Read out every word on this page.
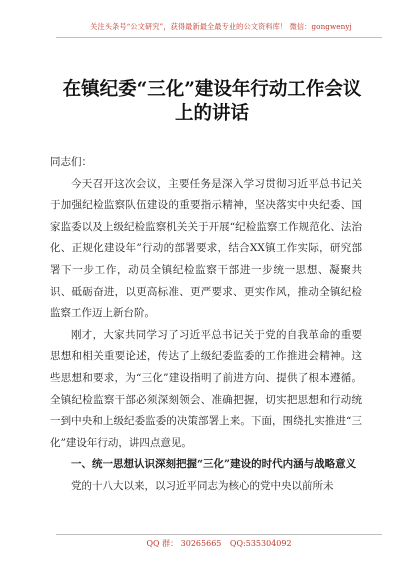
关注头条号“公文研究”，获得最新最全最专业的公文资料库！ 微信：gongwenyj
在镇纪委“三化”建设年行动工作会议上的讲话

同志们：

今天召开这次会议，主要任务是深入学习贯彻习近平总书记关于加强纪检监察队伍建设的重要指示精神，坚决落实中央纪委、国家监委以及上级纪检监察机关关于开展“纪检监察工作规范化、法治化、正规化建设年”行动的部署要求，结合XX镇工作实际，研究部署下一步工作，动员全镇纪检监察干部进一步统一思想、凝聚共识、砥砺奋进，以更高标准、更严要求、更实作风，推动全镇纪检监察工作迈上新台阶。

刚才，大家共同学习了习近平总书记关于党的自我革命的重要思想和相关重要论述，传达了上级纪委监委的工作推进会精神。这些思想和要求，为“三化”建设指明了前进方向、提供了根本遵循。全镇纪检监察干部必须深刻领会、准确把握，切实把思想和行动统一到中央和上级纪委监委的决策部署上来。下面，围绕扎实推进“三化”建设年行动，讲四点意见。

一、统一思想认识深刻把握“三化”建设的时代内涵与战略意义

党的十八大以来，以习近平同志为核心的党中央以前所未

QQ 群： 30265665 QQ:535304092
